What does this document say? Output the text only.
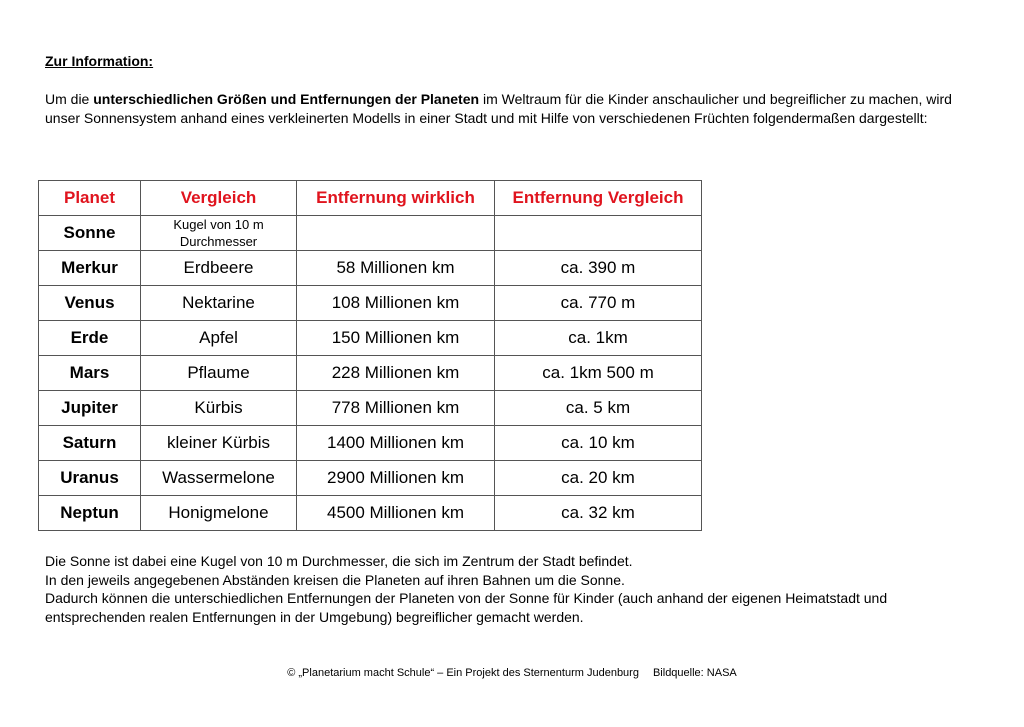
Zur Information:

Um die unterschiedlichen Größen und Entfernungen der Planeten im Weltraum für die Kinder anschaulicher und begreiflicher zu machen, wird unser Sonnensystem anhand eines verkleinerten Modells in einer Stadt und mit Hilfe von verschiedenen Früchten folgendermaßen dargestellt:

Planet	Vergleich	Entfernung wirklich	Entfernung Vergleich
Sonne	Kugel von 10 m Durchmesser		
Merkur	Erdbeere	58 Millionen km	ca. 390 m
Venus	Nektarine	108 Millionen km	ca. 770 m
Erde	Apfel	150 Millionen km	ca. 1km
Mars	Pflaume	228 Millionen km	ca. 1km 500 m
Jupiter	Kürbis	778 Millionen km	ca. 5 km
Saturn	kleiner Kürbis	1400 Millionen km	ca. 10 km
Uranus	Wassermelone	2900 Millionen km	ca. 20 km
Neptun	Honigmelone	4500 Millionen km	ca. 32 km

Die Sonne ist dabei eine Kugel von 10 m Durchmesser, die sich im Zentrum der Stadt befindet.
In den jeweils angegebenen Abständen kreisen die Planeten auf ihren Bahnen um die Sonne.
Dadurch können die unterschiedlichen Entfernungen der Planeten von der Sonne für Kinder (auch anhand der eigenen Heimatstadt und entsprechenden realen Entfernungen in der Umgebung) begreiflicher gemacht werden.

© „Planetarium macht Schule“ – Ein Projekt des Sternenturm Judenburg Bildquelle: NASA
